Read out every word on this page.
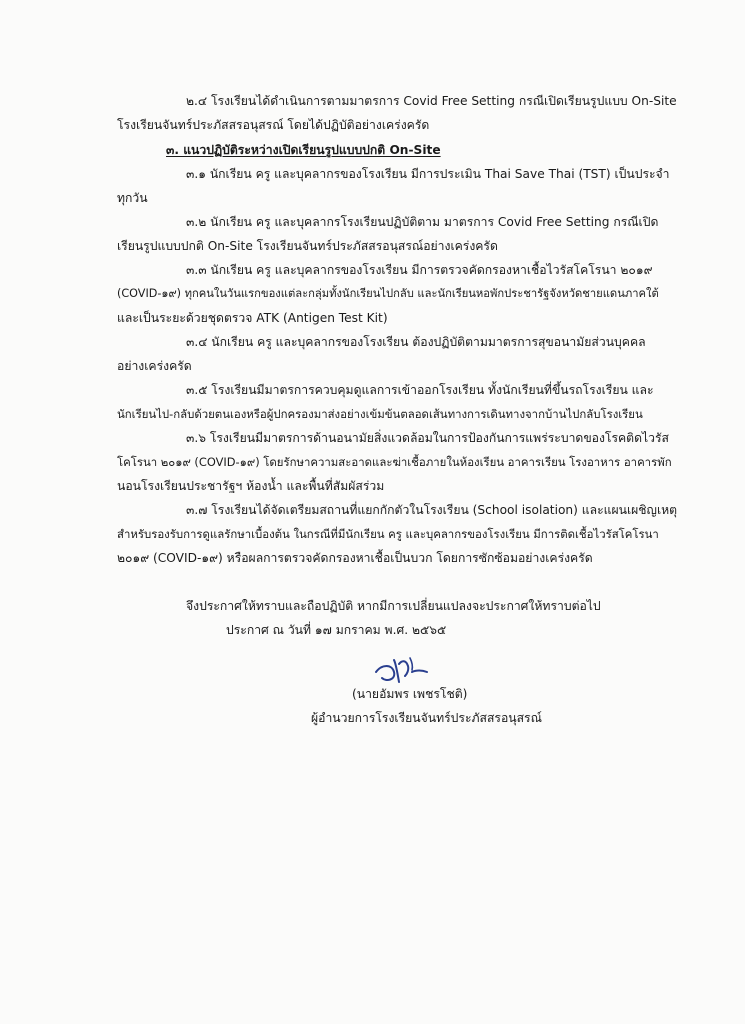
๒.๔ โรงเรียนได้ดำเนินการตามมาตรการ Covid Free Setting กรณีเปิดเรียนรูปแบบ On-Site
โรงเรียนจันทร์ประภัสสรอนุสรณ์ โดยได้ปฏิบัติอย่างเคร่งครัด
๓. แนวปฏิบัติระหว่างเปิดเรียนรูปแบบปกติ On-Site
๓.๑ นักเรียน ครู และบุคลากรของโรงเรียน มีการประเมิน Thai Save Thai (TST) เป็นประจำ
ทุกวัน
๓.๒ นักเรียน ครู และบุคลากรโรงเรียนปฏิบัติตาม มาตรการ Covid Free Setting กรณีเปิด
เรียนรูปแบบปกติ On-Site โรงเรียนจันทร์ประภัสสรอนุสรณ์อย่างเคร่งครัด
๓.๓ นักเรียน ครู และบุคลากรของโรงเรียน มีการตรวจคัดกรองหาเชื้อไวรัสโคโรนา ๒๐๑๙
(COVID-๑๙) ทุกคนในวันแรกของแต่ละกลุ่มทั้งนักเรียนไปกลับ และนักเรียนหอพักประชารัฐจังหวัดชายแดนภาคใต้
และเป็นระยะด้วยชุดตรวจ ATK (Antigen Test Kit)
๓.๔ นักเรียน ครู และบุคลากรของโรงเรียน ต้องปฏิบัติตามมาตรการสุขอนามัยส่วนบุคคล
อย่างเคร่งครัด
๓.๕ โรงเรียนมีมาตรการควบคุมดูแลการเข้าออกโรงเรียน ทั้งนักเรียนที่ขึ้นรถโรงเรียน และ
นักเรียนไป-กลับด้วยตนเองหรือผู้ปกครองมาส่งอย่างเข้มข้นตลอดเส้นทางการเดินทางจากบ้านไปกลับโรงเรียน
๓.๖ โรงเรียนมีมาตรการด้านอนามัยสิ่งแวดล้อมในการป้องกันการแพร่ระบาดของโรคติดไวรัส
โคโรนา ๒๐๑๙ (COVID-๑๙) โดยรักษาความสะอาดและฆ่าเชื้อภายในห้องเรียน อาคารเรียน โรงอาหาร อาคารพัก
นอนโรงเรียนประชารัฐฯ ห้องน้ำ และพื้นที่สัมผัสร่วม
๓.๗ โรงเรียนได้จัดเตรียมสถานที่แยกกักตัวในโรงเรียน (School isolation) และแผนเผชิญเหตุ
สำหรับรองรับการดูแลรักษาเบื้องต้น ในกรณีที่มีนักเรียน ครู และบุคลากรของโรงเรียน มีการติดเชื้อไวรัสโคโรนา
๒๐๑๙ (COVID-๑๙) หรือผลการตรวจคัดกรองหาเชื้อเป็นบวก โดยการซักซ้อมอย่างเคร่งครัด
จึงประกาศให้ทราบและถือปฏิบัติ หากมีการเปลี่ยนแปลงจะประกาศให้ทราบต่อไป
ประกาศ ณ วันที่ ๑๗ มกราคม พ.ศ. ๒๕๖๕
(นายอัมพร เพชรโชติ)
ผู้อำนวยการโรงเรียนจันทร์ประภัสสรอนุสรณ์
